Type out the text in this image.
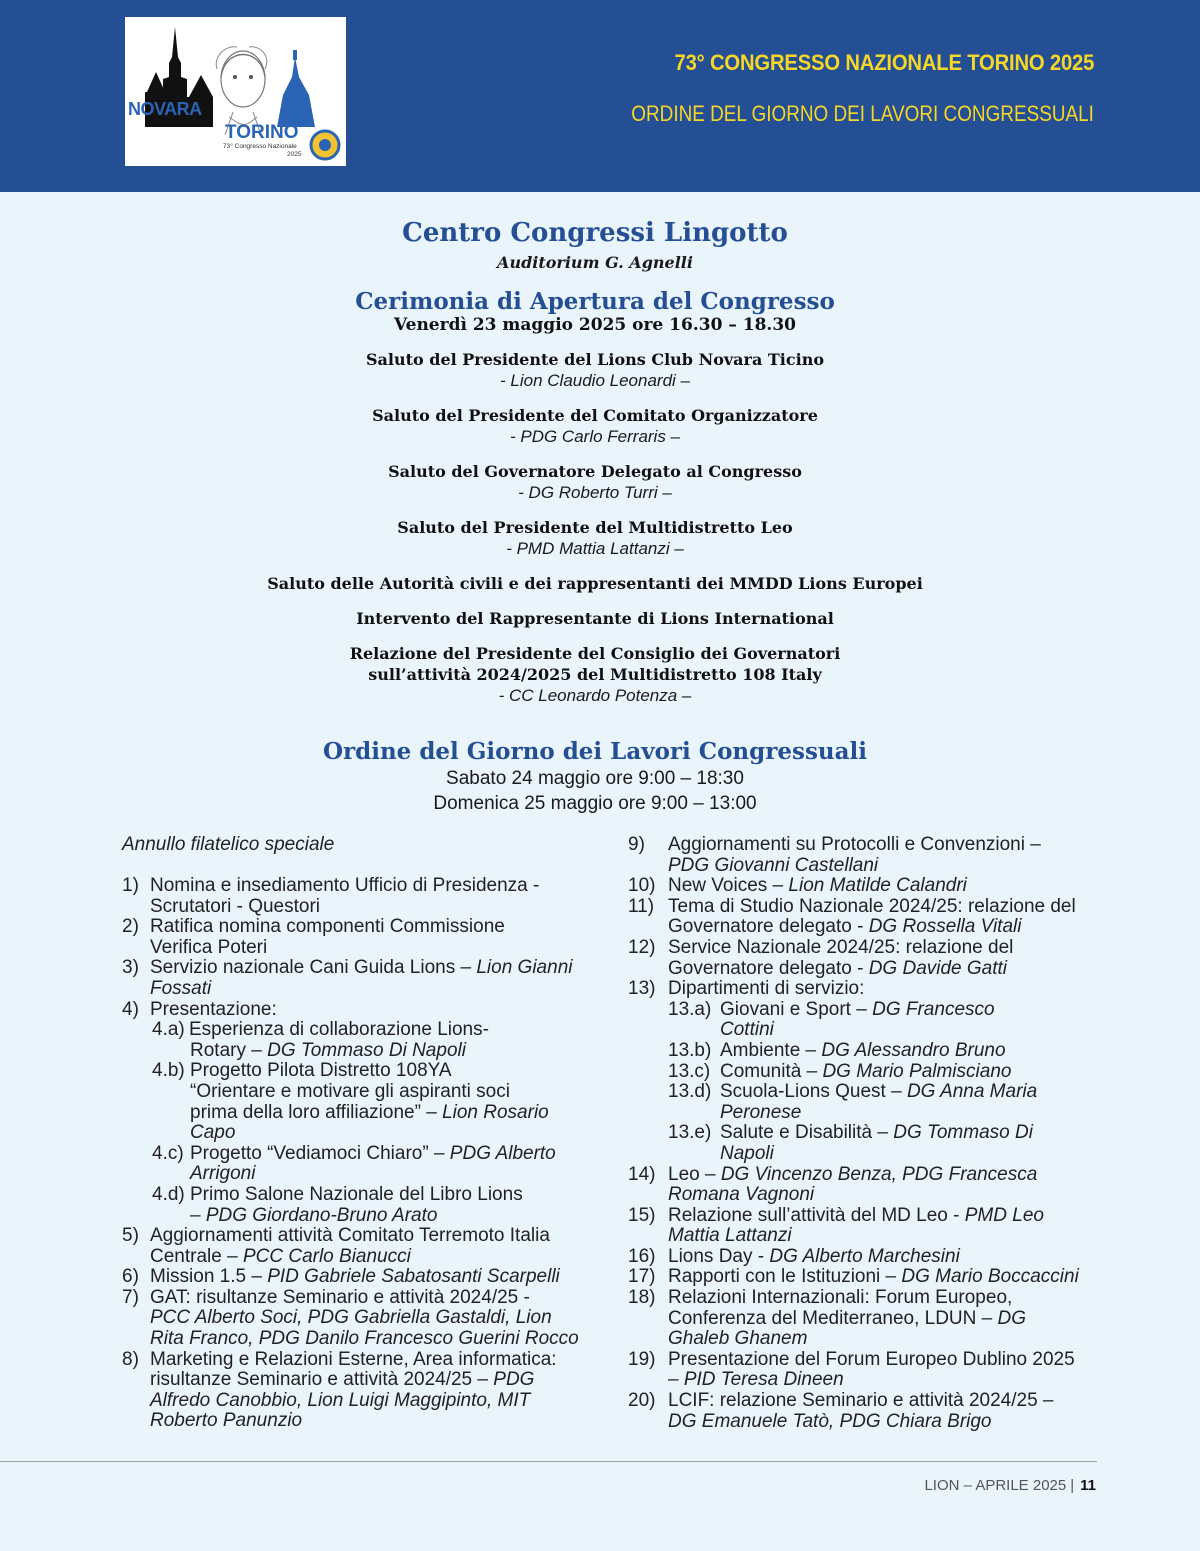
NOVARA
TORINO
73° Congresso Nazionale
2025
73° CONGRESSO NAZIONALE TORINO 2025
ORDINE DEL GIORNO DEI LAVORI CONGRESSUALI
Centro Congressi Lingotto
Auditorium G. Agnelli
Cerimonia di Apertura del Congresso
Venerdì 23 maggio 2025 ore 16.30 – 18.30
Saluto del Presidente del Lions Club Novara Ticino
- Lion Claudio Leonardi –
Saluto del Presidente del Comitato Organizzatore
- PDG Carlo Ferraris –
Saluto del Governatore Delegato al Congresso
- DG Roberto Turri –
Saluto del Presidente del Multidistretto Leo
- PMD Mattia Lattanzi –
Saluto delle Autorità civili e dei rappresentanti dei MMDD Lions Europei
Intervento del Rappresentante di Lions International
Relazione del Presidente del Consiglio dei Governatori
sull’attività 2024/2025 del Multidistretto 108 Italy
- CC Leonardo Potenza –
Ordine del Giorno dei Lavori Congressuali
Sabato 24 maggio ore 9:00 – 18:30
Domenica 25 maggio ore 9:00 – 13:00
Annullo filatelico speciale
1) Nomina e insediamento Ufficio di Presidenza -
Scrutatori - Questori
2) Ratifica nomina componenti Commissione
Verifica Poteri
3) Servizio nazionale Cani Guida Lions – Lion Gianni
Fossati
4) Presentazione:
4.a) Esperienza di collaborazione Lions-
Rotary – DG Tommaso Di Napoli
4.b) Progetto Pilota Distretto 108YA
“Orientare e motivare gli aspiranti soci
prima della loro affiliazione” – Lion Rosario
Capo
4.c) Progetto “Vediamoci Chiaro” – PDG Alberto
Arrigoni
4.d) Primo Salone Nazionale del Libro Lions
– PDG Giordano-Bruno Arato
5) Aggiornamenti attività Comitato Terremoto Italia
Centrale – PCC Carlo Bianucci
6) Mission 1.5 – PID Gabriele Sabatosanti Scarpelli
7) GAT: risultanze Seminario e attività 2024/25 -
PCC Alberto Soci, PDG Gabriella Gastaldi, Lion
Rita Franco, PDG Danilo Francesco Guerini Rocco
8) Marketing e Relazioni Esterne, Area informatica:
risultanze Seminario e attività 2024/25 – PDG
Alfredo Canobbio, Lion Luigi Maggipinto, MIT
Roberto Panunzio
9) Aggiornamenti su Protocolli e Convenzioni –
PDG Giovanni Castellani
10) New Voices – Lion Matilde Calandri
11) Tema di Studio Nazionale 2024/25: relazione del
Governatore delegato - DG Rossella Vitali
12) Service Nazionale 2024/25: relazione del
Governatore delegato - DG Davide Gatti
13) Dipartimenti di servizio:
13.a) Giovani e Sport – DG Francesco
Cottini
13.b) Ambiente – DG Alessandro Bruno
13.c) Comunità – DG Mario Palmisciano
13.d) Scuola-Lions Quest – DG Anna Maria
Peronese
13.e) Salute e Disabilità – DG Tommaso Di
Napoli
14) Leo – DG Vincenzo Benza, PDG Francesca
Romana Vagnoni
15) Relazione sull’attività del MD Leo - PMD Leo
Mattia Lattanzi
16) Lions Day - DG Alberto Marchesini
17) Rapporti con le Istituzioni – DG Mario Boccaccini
18) Relazioni Internazionali: Forum Europeo,
Conferenza del Mediterraneo, LDUN – DG
Ghaleb Ghanem
19) Presentazione del Forum Europeo Dublino 2025
– PID Teresa Dineen
20) LCIF: relazione Seminario e attività 2024/25 –
DG Emanuele Tatò, PDG Chiara Brigo
LION – APRILE 2025 | 11
